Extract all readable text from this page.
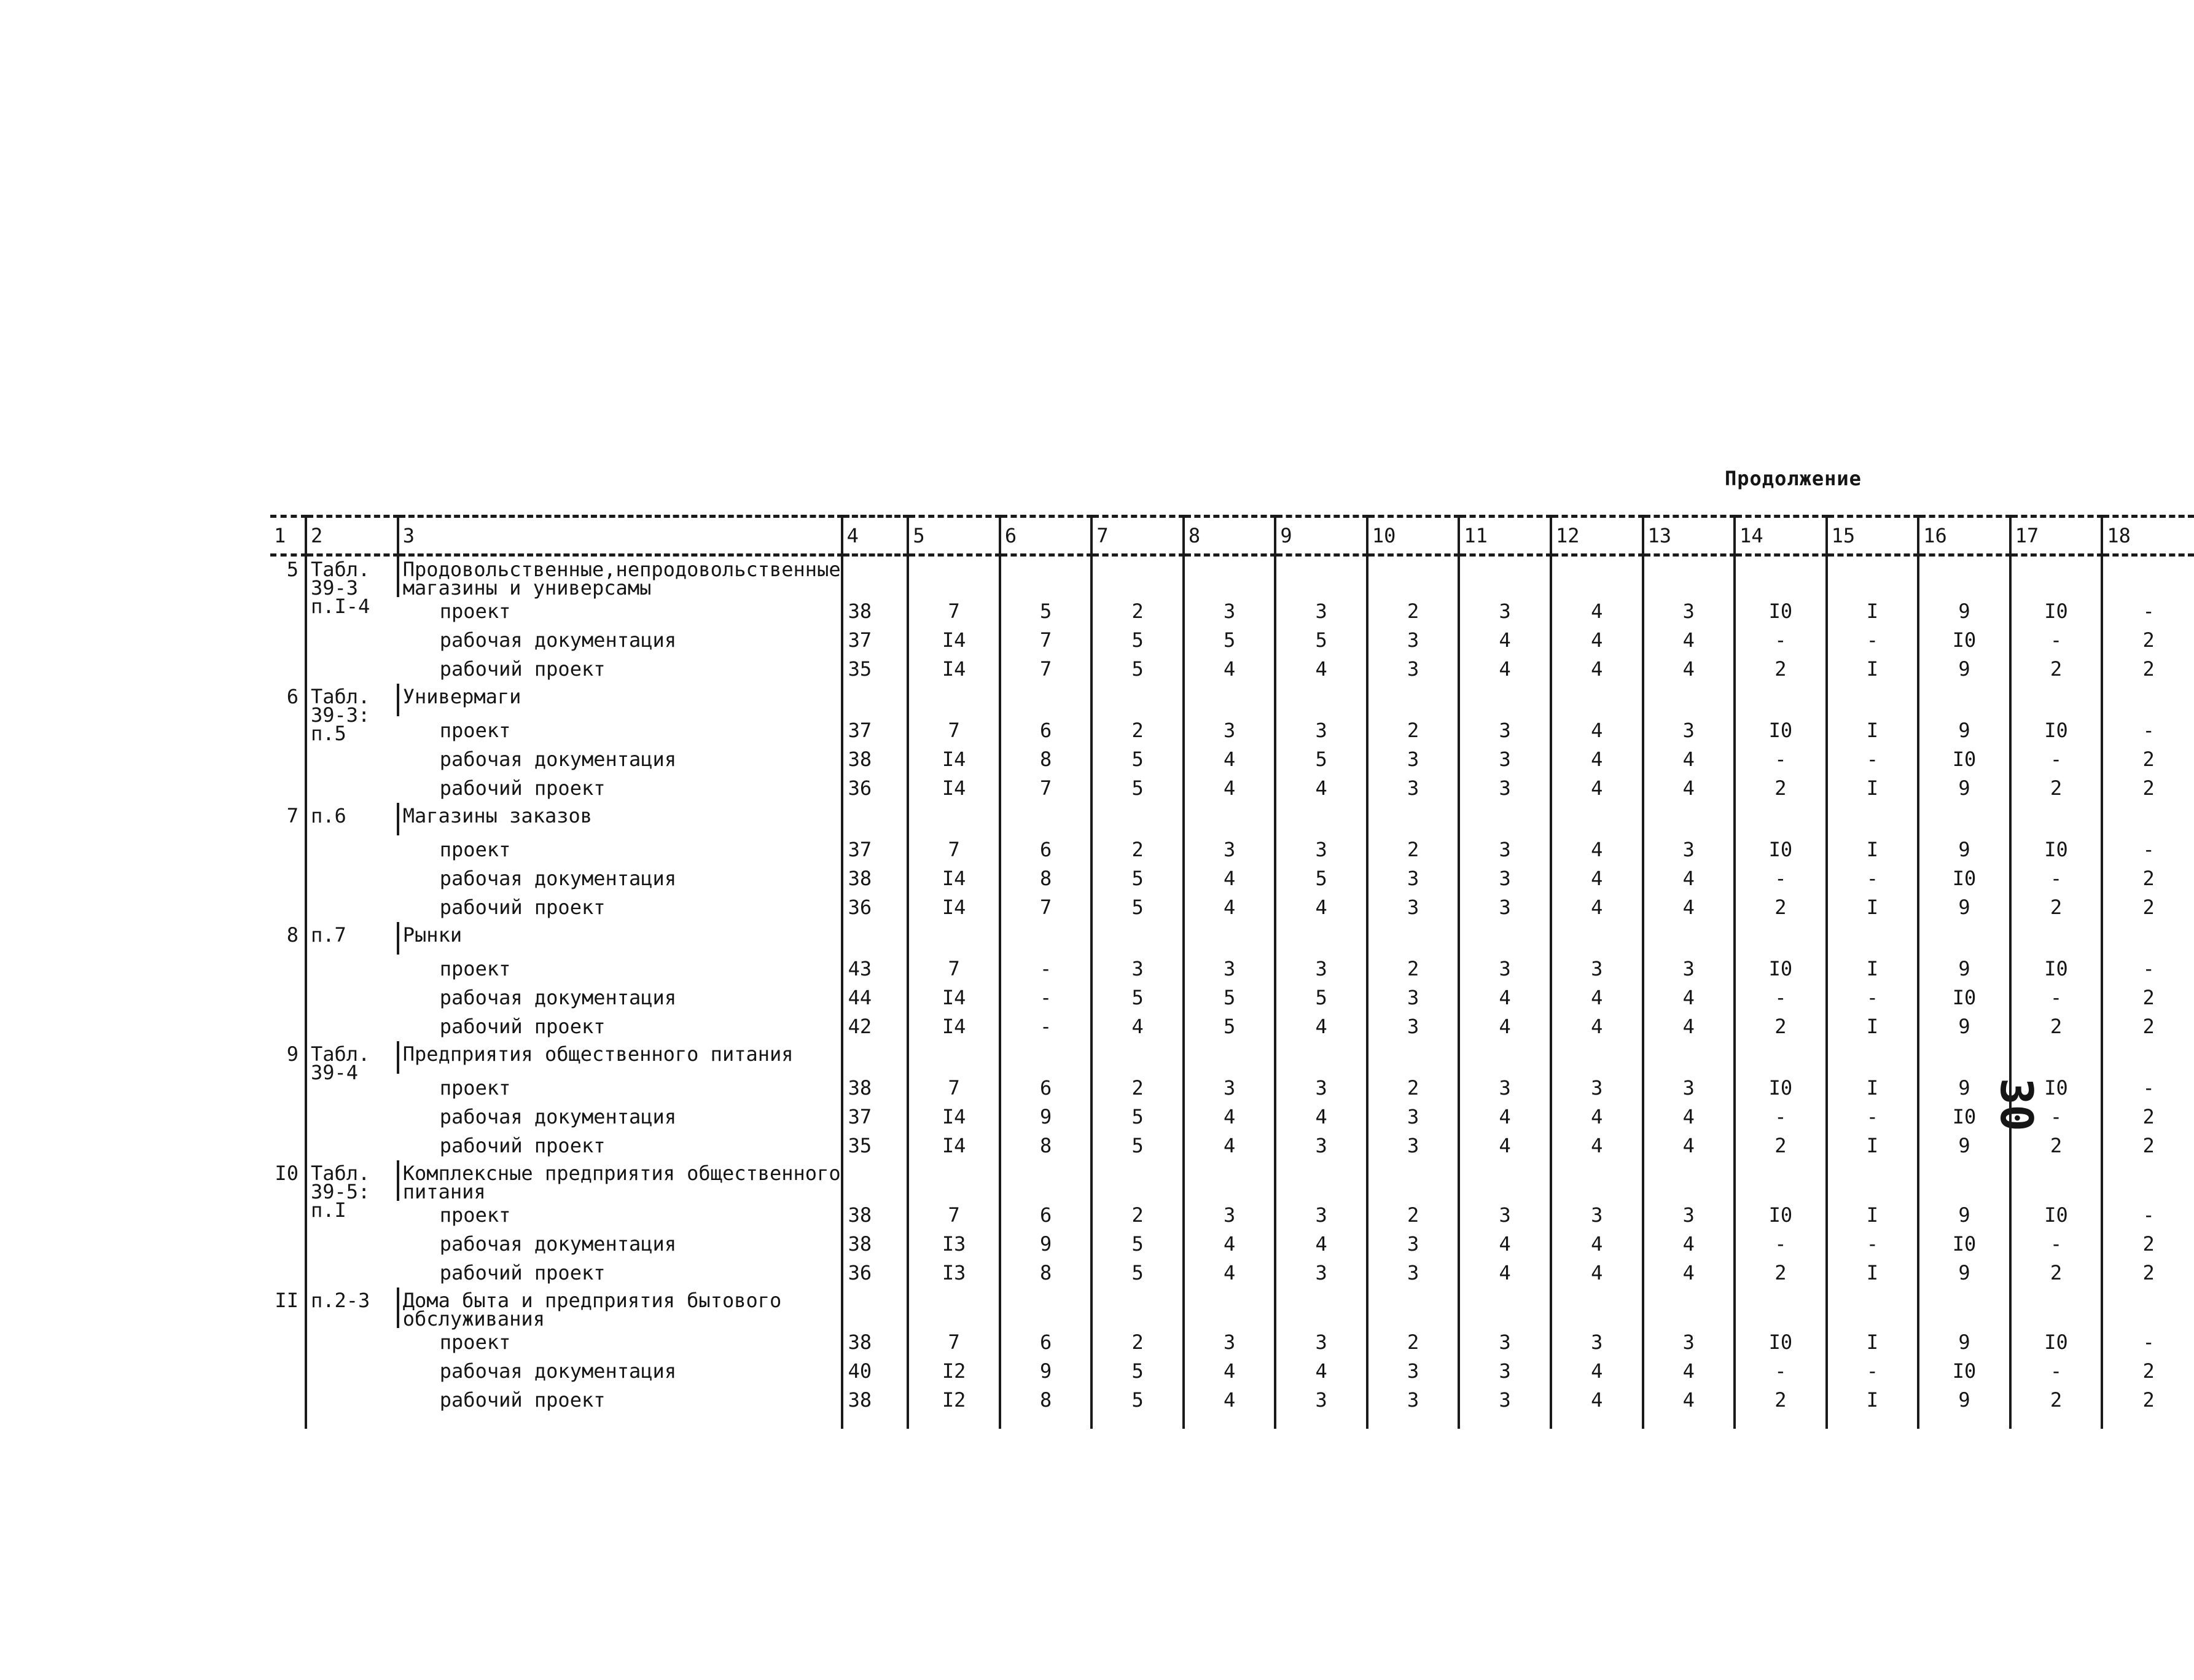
Продолжение
30
1	2	3	4	5	6	7	8	9	10	11	12	13	14	15	16	17	18
5	Табл. 39-3 п.I-4	Продовольственные,непродовольственные магазины и универсамы															
		проект	38	7	5	2	3	3	2	3	4	3	I0	I	9	I0	-
		рабочая документация	37	I4	7	5	5	5	3	4	4	4	-	-	I0	-	2
		рабочий проект	35	I4	7	5	4	4	3	4	4	4	2	I	9	2	2
6	Табл. 39-3: п.5	Универмаги															
		проект	37	7	6	2	3	3	2	3	4	3	I0	I	9	I0	-
		рабочая документация	38	I4	8	5	4	5	3	3	4	4	-	-	I0	-	2
		рабочий проект	36	I4	7	5	4	4	3	3	4	4	2	I	9	2	2
7	п.6	Магазины заказов															
		проект	37	7	6	2	3	3	2	3	4	3	I0	I	9	I0	-
		рабочая документация	38	I4	8	5	4	5	3	3	4	4	-	-	I0	-	2
		рабочий проект	36	I4	7	5	4	4	3	3	4	4	2	I	9	2	2
8	п.7	Рынки															
		проект	43	7	-	3	3	3	2	3	3	3	I0	I	9	I0	-
		рабочая документация	44	I4	-	5	5	5	3	4	4	4	-	-	I0	-	2
		рабочий проект	42	I4	-	4	5	4	3	4	4	4	2	I	9	2	2
9	Табл. 39-4	Предприятия общественного питания															
		проект	38	7	6	2	3	3	2	3	3	3	I0	I	9	I0	-
		рабочая документация	37	I4	9	5	4	4	3	4	4	4	-	-	I0	-	2
		рабочий проект	35	I4	8	5	4	3	3	4	4	4	2	I	9	2	2
I0	Табл. 39-5: п.I	Комплексные предприятия общественного питания															
		проект	38	7	6	2	3	3	2	3	3	3	I0	I	9	I0	-
		рабочая документация	38	I3	9	5	4	4	3	4	4	4	-	-	I0	-	2
		рабочий проект	36	I3	8	5	4	3	3	4	4	4	2	I	9	2	2
II	п.2-3	Дома быта и предприятия бытового обслуживания															
		проект	38	7	6	2	3	3	2	3	3	3	I0	I	9	I0	-
		рабочая документация	40	I2	9	5	4	4	3	3	4	4	-	-	I0	-	2
		рабочий проект	38	I2	8	5	4	3	3	3	4	4	2	I	9	2	2
